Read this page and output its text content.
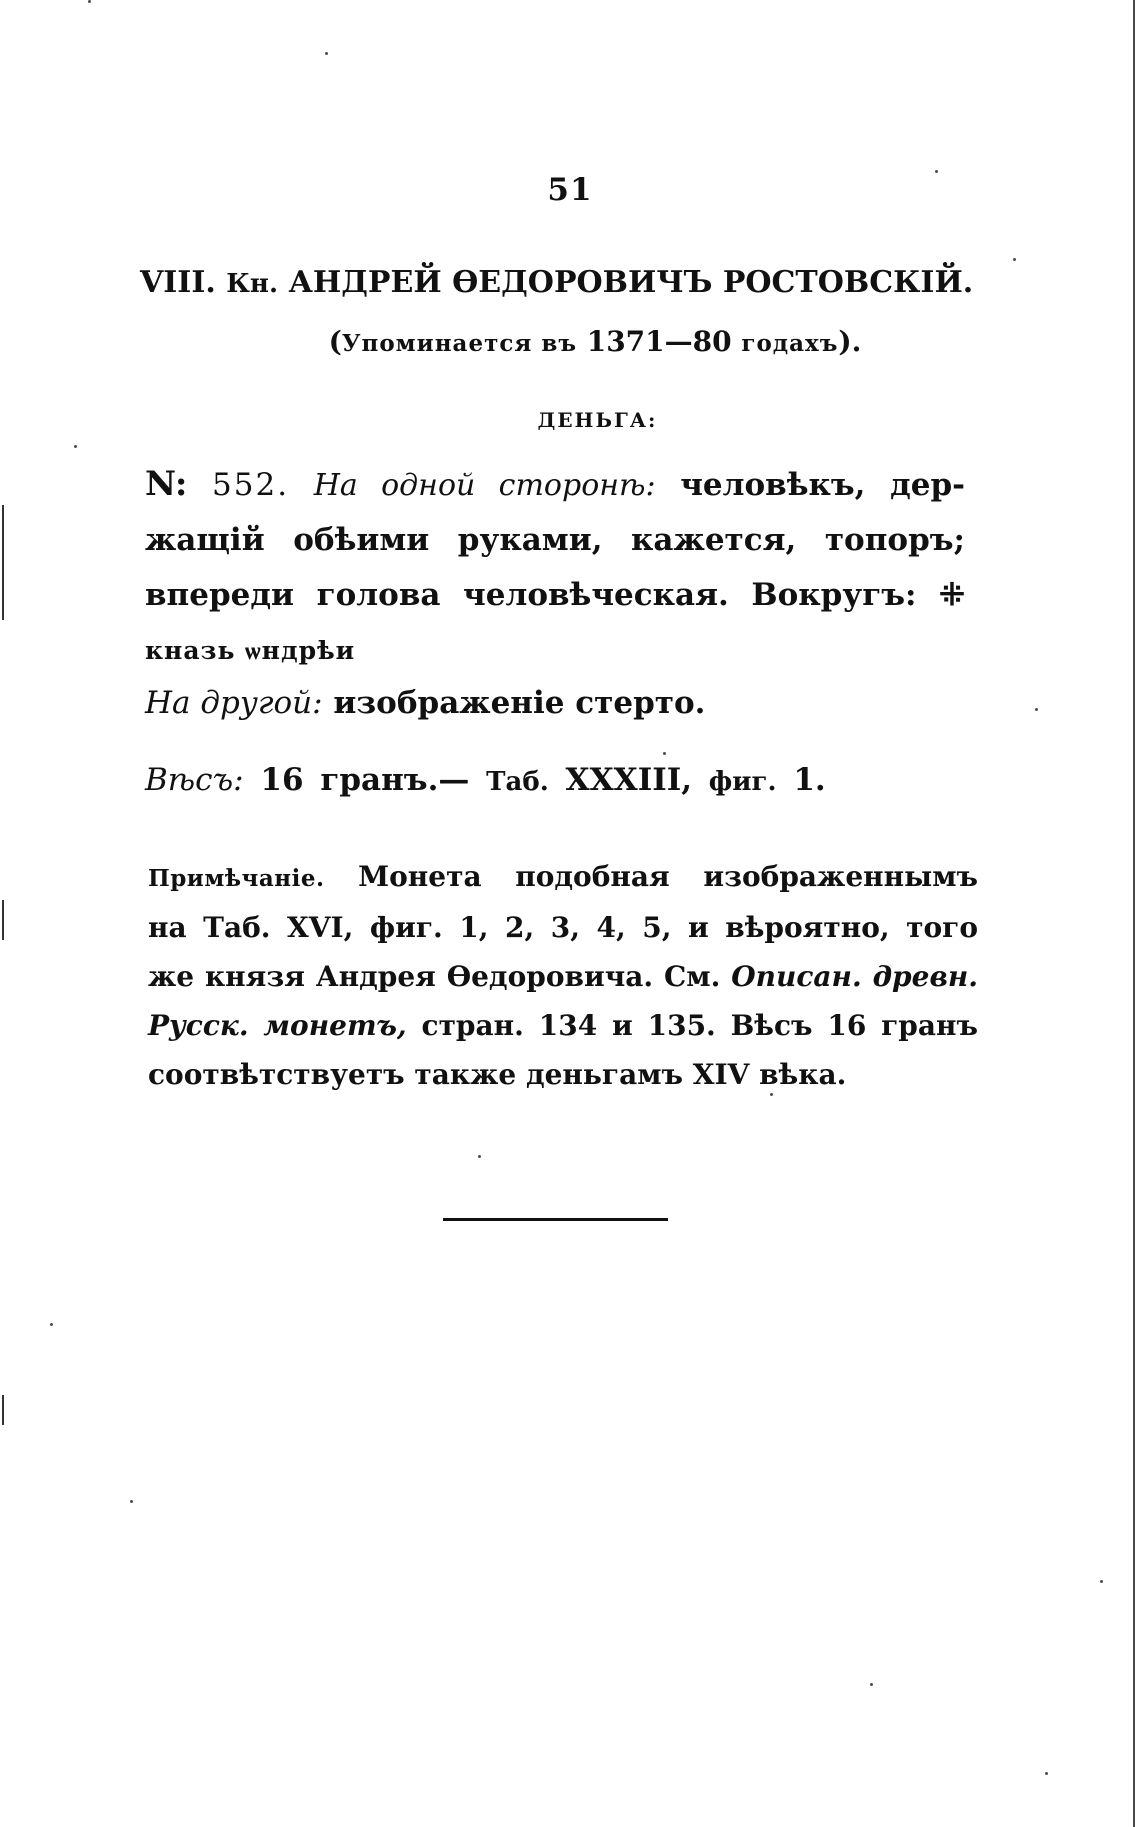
51
VIII. Кн. АНДРЕЙ ѲЕДОРОВИЧЪ РОСТОВСКІЙ.
(Упоминается въ 1371—80 годахъ).
ДЕНЬГА:
N: 552. На одной сторонѣ: человѣкъ, дер-
жащій обѣими руками, кажется, топоръ;
впереди голова человѣческая. Вокругъ: ⁜
кназь ѡндрѣи
На другой: изображеніе стерто.
Вѣсъ: 16 гранъ.— Таб. XXXIII, фиг. 1.
Примѣчаніе. Монета подобная изображеннымъ
на Таб. XVI, фиг. 1, 2, 3, 4, 5, и вѣроятно, того
же князя Андрея Ѳедоровича. См. Описан. древн.
Русск. монетъ, стран. 134 и 135. Вѣсъ 16 гранъ
соотвѣтствуетъ также деньгамъ XIV вѣка.
